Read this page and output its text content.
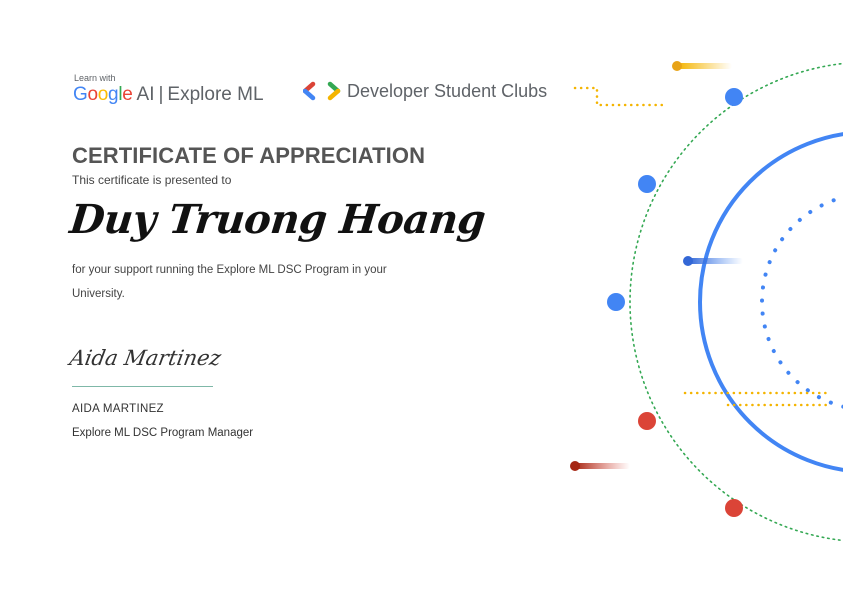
Learn with
Google AI | Explore ML	Developer Student Clubs
CERTIFICATE OF APPRECIATION
This certificate is presented to
Duy Truong Hoang
for your support running the Explore ML DSC Program in your University.
Aida Martinez
AIDA MARTINEZ
Explore ML DSC Program Manager
